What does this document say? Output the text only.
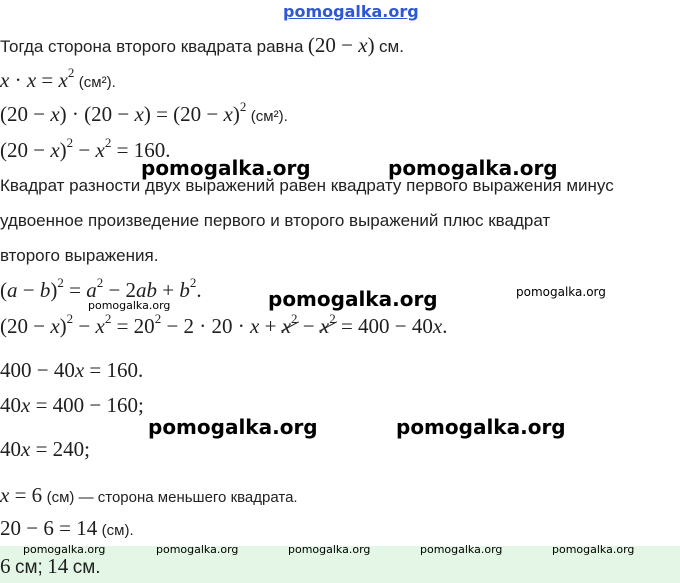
pomogalka.org
Тогда сторона второго квадрата равна (20 − x) см.
$x \cdot x = x^2$ (см²).
$(20 - x) \cdot (20 - x) = (20 - x)^2$ (см²).
$(20 - x)^2 - x^2 = 160$.
pomogalka.org	pomogalka.org
Квадрат разности двух выражений равен квадрату первого выражения минус
удвоенное произведение первого и второго выражений плюс квадрат
второго выражения.
$(a - b)^2 = a^2 - 2ab + b^2$.	pomogalka.org	pomogalka.org
pomogalka.org
$(20 - x)^2 - x^2 = 20^2 - 2 \cdot 20 \cdot x + x^2 - x^2 = 400 - 40x$.
400 − 40x = 160.
40x = 400 − 160;
pomogalka.org	pomogalka.org
40x = 240;
x = 6 (см) — сторона меньшего квадрата.
20 − 6 = 14 (см).
pomogalka.org	pomogalka.org	pomogalka.org	pomogalka.org	pomogalka.org
6 см; 14 см.
